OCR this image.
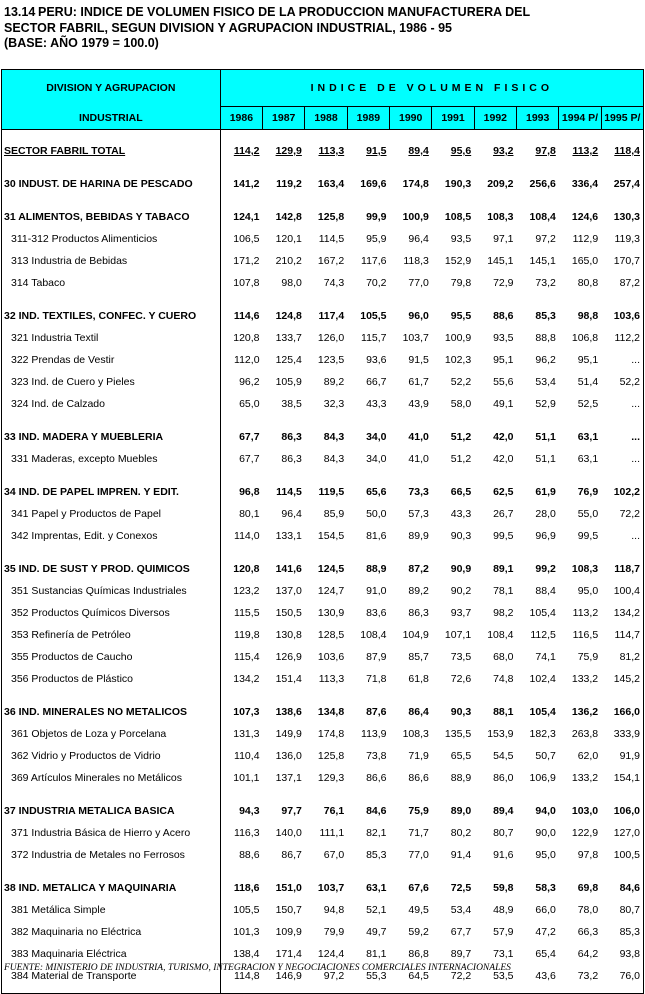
13.14 PERU: INDICE DE VOLUMEN FISICO DE LA PRODUCCION MANUFACTURERA DEL
SECTOR FABRIL, SEGUN DIVISION Y AGRUPACION INDUSTRIAL, 1986 - 95
(BASE: AÑO 1979 = 100.0)
DIVISION Y AGRUPACION	INDICE DE VOLUMEN FISICO									
INDUSTRIAL	1986	1987	1988	1989	1990	1991	1992	1993	1994 P/	1995 P/

SECTOR FABRIL TOTAL	114,2	129,9	113,3	91,5	89,4	95,6	93,2	97,8	113,2	118,4

30 INDUST. DE HARINA DE PESCADO	141,2	119,2	163,4	169,6	174,8	190,3	209,2	256,6	336,4	257,4

31 ALIMENTOS, BEBIDAS Y TABACO	124,1	142,8	125,8	99,9	100,9	108,5	108,3	108,4	124,6	130,3
311-312 Productos Alimenticios	106,5	120,1	114,5	95,9	96,4	93,5	97,1	97,2	112,9	119,3
313 Industria de Bebidas	171,2	210,2	167,2	117,6	118,3	152,9	145,1	145,1	165,0	170,7
314 Tabaco	107,8	98,0	74,3	70,2	77,0	79,8	72,9	73,2	80,8	87,2

32 IND. TEXTILES, CONFEC. Y CUERO	114,6	124,8	117,4	105,5	96,0	95,5	88,6	85,3	98,8	103,6
321 Industria Textil	120,8	133,7	126,0	115,7	103,7	100,9	93,5	88,8	106,8	112,2
322 Prendas de Vestir	112,0	125,4	123,5	93,6	91,5	102,3	95,1	96,2	95,1	...
323 Ind. de Cuero y Pieles	96,2	105,9	89,2	66,7	61,7	52,2	55,6	53,4	51,4	52,2
324 Ind. de Calzado	65,0	38,5	32,3	43,3	43,9	58,0	49,1	52,9	52,5	...

33 IND. MADERA Y MUEBLERIA	67,7	86,3	84,3	34,0	41,0	51,2	42,0	51,1	63,1	...
331 Maderas, excepto Muebles	67,7	86,3	84,3	34,0	41,0	51,2	42,0	51,1	63,1	...

34 IND. DE PAPEL IMPREN. Y EDIT.	96,8	114,5	119,5	65,6	73,3	66,5	62,5	61,9	76,9	102,2
341 Papel y Productos de Papel	80,1	96,4	85,9	50,0	57,3	43,3	26,7	28,0	55,0	72,2
342 Imprentas, Edit. y Conexos	114,0	133,1	154,5	81,6	89,9	90,3	99,5	96,9	99,5	...

35 IND. DE SUST Y PROD. QUIMICOS	120,8	141,6	124,5	88,9	87,2	90,9	89,1	99,2	108,3	118,7
351 Sustancias Químicas Industriales	123,2	137,0	124,7	91,0	89,2	90,2	78,1	88,4	95,0	100,4
352 Productos Químicos Diversos	115,5	150,5	130,9	83,6	86,3	93,7	98,2	105,4	113,2	134,2
353 Refinería de Petróleo	119,8	130,8	128,5	108,4	104,9	107,1	108,4	112,5	116,5	114,7
355 Productos de Caucho	115,4	126,9	103,6	87,9	85,7	73,5	68,0	74,1	75,9	81,2
356 Productos de Plástico	134,2	151,4	113,3	71,8	61,8	72,6	74,8	102,4	133,2	145,2

36 IND. MINERALES NO METALICOS	107,3	138,6	134,8	87,6	86,4	90,3	88,1	105,4	136,2	166,0
361 Objetos de Loza y Porcelana	131,3	149,9	174,8	113,9	108,3	135,5	153,9	182,3	263,8	333,9
362 Vidrio y Productos de Vidrio	110,4	136,0	125,8	73,8	71,9	65,5	54,5	50,7	62,0	91,9
369 Artículos Minerales no Metálicos	101,1	137,1	129,3	86,6	86,6	88,9	86,0	106,9	133,2	154,1

37 INDUSTRIA METALICA BASICA	94,3	97,7	76,1	84,6	75,9	89,0	89,4	94,0	103,0	106,0
371 Industria Básica de Hierro y Acero	116,3	140,0	111,1	82,1	71,7	80,2	80,7	90,0	122,9	127,0
372 Industria de Metales no Ferrosos	88,6	86,7	67,0	85,3	77,0	91,4	91,6	95,0	97,8	100,5

38 IND. METALICA Y MAQUINARIA	118,6	151,0	103,7	63,1	67,6	72,5	59,8	58,3	69,8	84,6
381 Metálica Simple	105,5	150,7	94,8	52,1	49,5	53,4	48,9	66,0	78,0	80,7
382 Maquinaria no Eléctrica	101,3	109,9	79,9	49,7	59,2	67,7	57,9	47,2	66,3	85,3
383 Maquinaria Eléctrica	138,4	171,4	124,4	81,1	86,8	89,7	73,1	65,4	64,2	93,8
384 Material de Transporte	114,8	146,9	97,2	55,3	64,5	72,2	53,5	43,6	73,2	76,0

FUENTE: MINISTERIO DE INDUSTRIA, TURISMO, INTEGRACION Y NEGOCIACIONES COMERCIALES INTERNACIONALES
